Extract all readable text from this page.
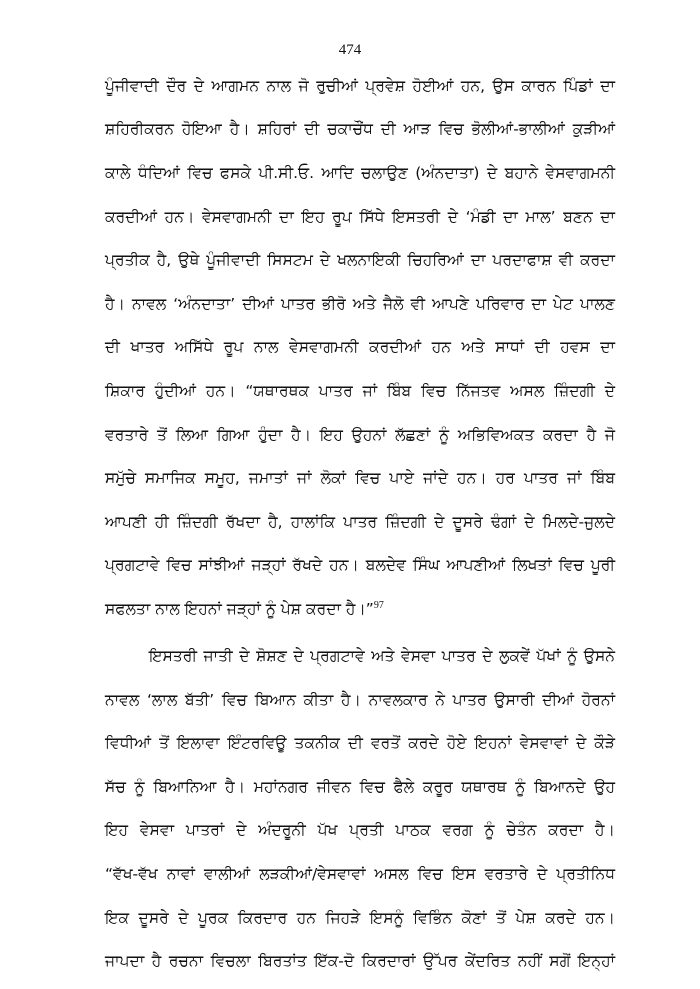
474
ਪੂੰਜੀਵਾਦੀ ਦੌਰ ਦੇ ਆਗਮਨ ਨਾਲ ਜੋ ਰੁਚੀਆਂ ਪ੍ਰਵੇਸ਼ ਹੋਈਆਂ ਹਨ, ਉਸ ਕਾਰਨ ਪਿੰਡਾਂ ਦਾ
ਸ਼ਹਿਰੀਕਰਨ ਹੋਇਆ ਹੈ। ਸ਼ਹਿਰਾਂ ਦੀ ਚਕਾਚੌਂਧ ਦੀ ਆੜ ਵਿਚ ਭੋਲੀਆਂ-ਭਾਲੀਆਂ ਕੁੜੀਆਂ
ਕਾਲੇ ਧੰਦਿਆਂ ਵਿਚ ਫਸਕੇ ਪੀ.ਸੀ.ਓ. ਆਦਿ ਚਲਾਉਣ (ਅੰਨਦਾਤਾ) ਦੇ ਬਹਾਨੇ ਵੇਸਵਾਗਮਨੀ
ਕਰਦੀਆਂ ਹਨ। ਵੇਸਵਾਗਮਨੀ ਦਾ ਇਹ ਰੂਪ ਸਿੱਧੇ ਇਸਤਰੀ ਦੇ ‘ਮੰਡੀ ਦਾ ਮਾਲ’ ਬਣਨ ਦਾ
ਪ੍ਰਤੀਕ ਹੈ, ਉਥੇ ਪੂੰਜੀਵਾਦੀ ਸਿਸਟਮ ਦੇ ਖਲਨਾਇਕੀ ਚਿਹਰਿਆਂ ਦਾ ਪਰਦਾਫਾਸ਼ ਵੀ ਕਰਦਾ
ਹੈ। ਨਾਵਲ ‘ਅੰਨਦਾਤਾ’ ਦੀਆਂ ਪਾਤਰ ਭੀਰੋ ਅਤੇ ਜੈਲੋ ਵੀ ਆਪਣੇ ਪਰਿਵਾਰ ਦਾ ਪੇਟ ਪਾਲਣ
ਦੀ ਖਾਤਰ ਅਸਿੱਧੇ ਰੂਪ ਨਾਲ ਵੇਸਵਾਗਮਨੀ ਕਰਦੀਆਂ ਹਨ ਅਤੇ ਸਾਧਾਂ ਦੀ ਹਵਸ ਦਾ
ਸ਼ਿਕਾਰ ਹੁੰਦੀਆਂ ਹਨ। “ਯਥਾਰਥਕ ਪਾਤਰ ਜਾਂ ਬਿੰਬ ਵਿਚ ਨਿੱਜਤਵ ਅਸਲ ਜ਼ਿੰਦਗੀ ਦੇ
ਵਰਤਾਰੇ ਤੋਂ ਲਿਆ ਗਿਆ ਹੁੰਦਾ ਹੈ। ਇਹ ਉਹਨਾਂ ਲੱਛਣਾਂ ਨੂੰ ਅਭਿਵਿਅਕਤ ਕਰਦਾ ਹੈ ਜੋ
ਸਮੁੱਚੇ ਸਮਾਜਿਕ ਸਮੂਹ, ਜਮਾਤਾਂ ਜਾਂ ਲੋਕਾਂ ਵਿਚ ਪਾਏ ਜਾਂਦੇ ਹਨ। ਹਰ ਪਾਤਰ ਜਾਂ ਬਿੰਬ
ਆਪਣੀ ਹੀ ਜ਼ਿੰਦਗੀ ਰੱਖਦਾ ਹੈ, ਹਾਲਾਂਕਿ ਪਾਤਰ ਜ਼ਿੰਦਗੀ ਦੇ ਦੂਸਰੇ ਢੰਗਾਂ ਦੇ ਮਿਲਦੇ-ਜੁਲਦੇ
ਪ੍ਰਗਟਾਵੇ ਵਿਚ ਸਾਂਝੀਆਂ ਜੜ੍ਹਾਂ ਰੱਖਦੇ ਹਨ। ਬਲਦੇਵ ਸਿੰਘ ਆਪਣੀਆਂ ਲਿਖਤਾਂ ਵਿਚ ਪੂਰੀ
ਸਫਲਤਾ ਨਾਲ ਇਹਨਾਂ ਜੜ੍ਹਾਂ ਨੂੰ ਪੇਸ਼ ਕਰਦਾ ਹੈ।”$^{97}$
ਇਸਤਰੀ ਜਾਤੀ ਦੇ ਸ਼ੋਸ਼ਣ ਦੇ ਪ੍ਰਗਟਾਵੇ ਅਤੇ ਵੇਸਵਾ ਪਾਤਰ ਦੇ ਲੁਕਵੇਂ ਪੱਖਾਂ ਨੂੰ ਉਸਨੇ
ਨਾਵਲ ‘ਲਾਲ ਬੱਤੀ’ ਵਿਚ ਬਿਆਨ ਕੀਤਾ ਹੈ। ਨਾਵਲਕਾਰ ਨੇ ਪਾਤਰ ਉਸਾਰੀ ਦੀਆਂ ਹੋਰਨਾਂ
ਵਿਧੀਆਂ ਤੋਂ ਇਲਾਵਾ ਇੰਟਰਵਿਊ ਤਕਨੀਕ ਦੀ ਵਰਤੋਂ ਕਰਦੇ ਹੋਏ ਇਹਨਾਂ ਵੇਸਵਾਵਾਂ ਦੇ ਕੌੜੇ
ਸੱਚ ਨੂੰ ਬਿਆਨਿਆ ਹੈ। ਮਹਾਂਨਗਰ ਜੀਵਨ ਵਿਚ ਫੈਲੇ ਕਰੂਰ ਯਥਾਰਥ ਨੂੰ ਬਿਆਨਦੇ ਉਹ
ਇਹ ਵੇਸਵਾ ਪਾਤਰਾਂ ਦੇ ਅੰਦਰੂਨੀ ਪੱਖ ਪ੍ਰਤੀ ਪਾਠਕ ਵਰਗ ਨੂੰ ਚੇਤੰਨ ਕਰਦਾ ਹੈ।
“ਵੱਖ-ਵੱਖ ਨਾਵਾਂ ਵਾਲੀਆਂ ਲੜਕੀਆਂ/ਵੇਸਵਾਵਾਂ ਅਸਲ ਵਿਚ ਇਸ ਵਰਤਾਰੇ ਦੇ ਪ੍ਰਤੀਨਿਧ
ਇਕ ਦੂਸਰੇ ਦੇ ਪੂਰਕ ਕਿਰਦਾਰ ਹਨ ਜਿਹੜੇ ਇਸਨੂੰ ਵਿਭਿੰਨ ਕੋਣਾਂ ਤੋਂ ਪੇਸ਼ ਕਰਦੇ ਹਨ।
ਜਾਪਦਾ ਹੈ ਰਚਨਾ ਵਿਚਲਾ ਬਿਰਤਾਂਤ ਇੱਕ-ਦੋ ਕਿਰਦਾਰਾਂ ਉੱਪਰ ਕੇਂਦਰਿਤ ਨਹੀਂ ਸਗੋਂ ਇਨ੍ਹਾਂ
